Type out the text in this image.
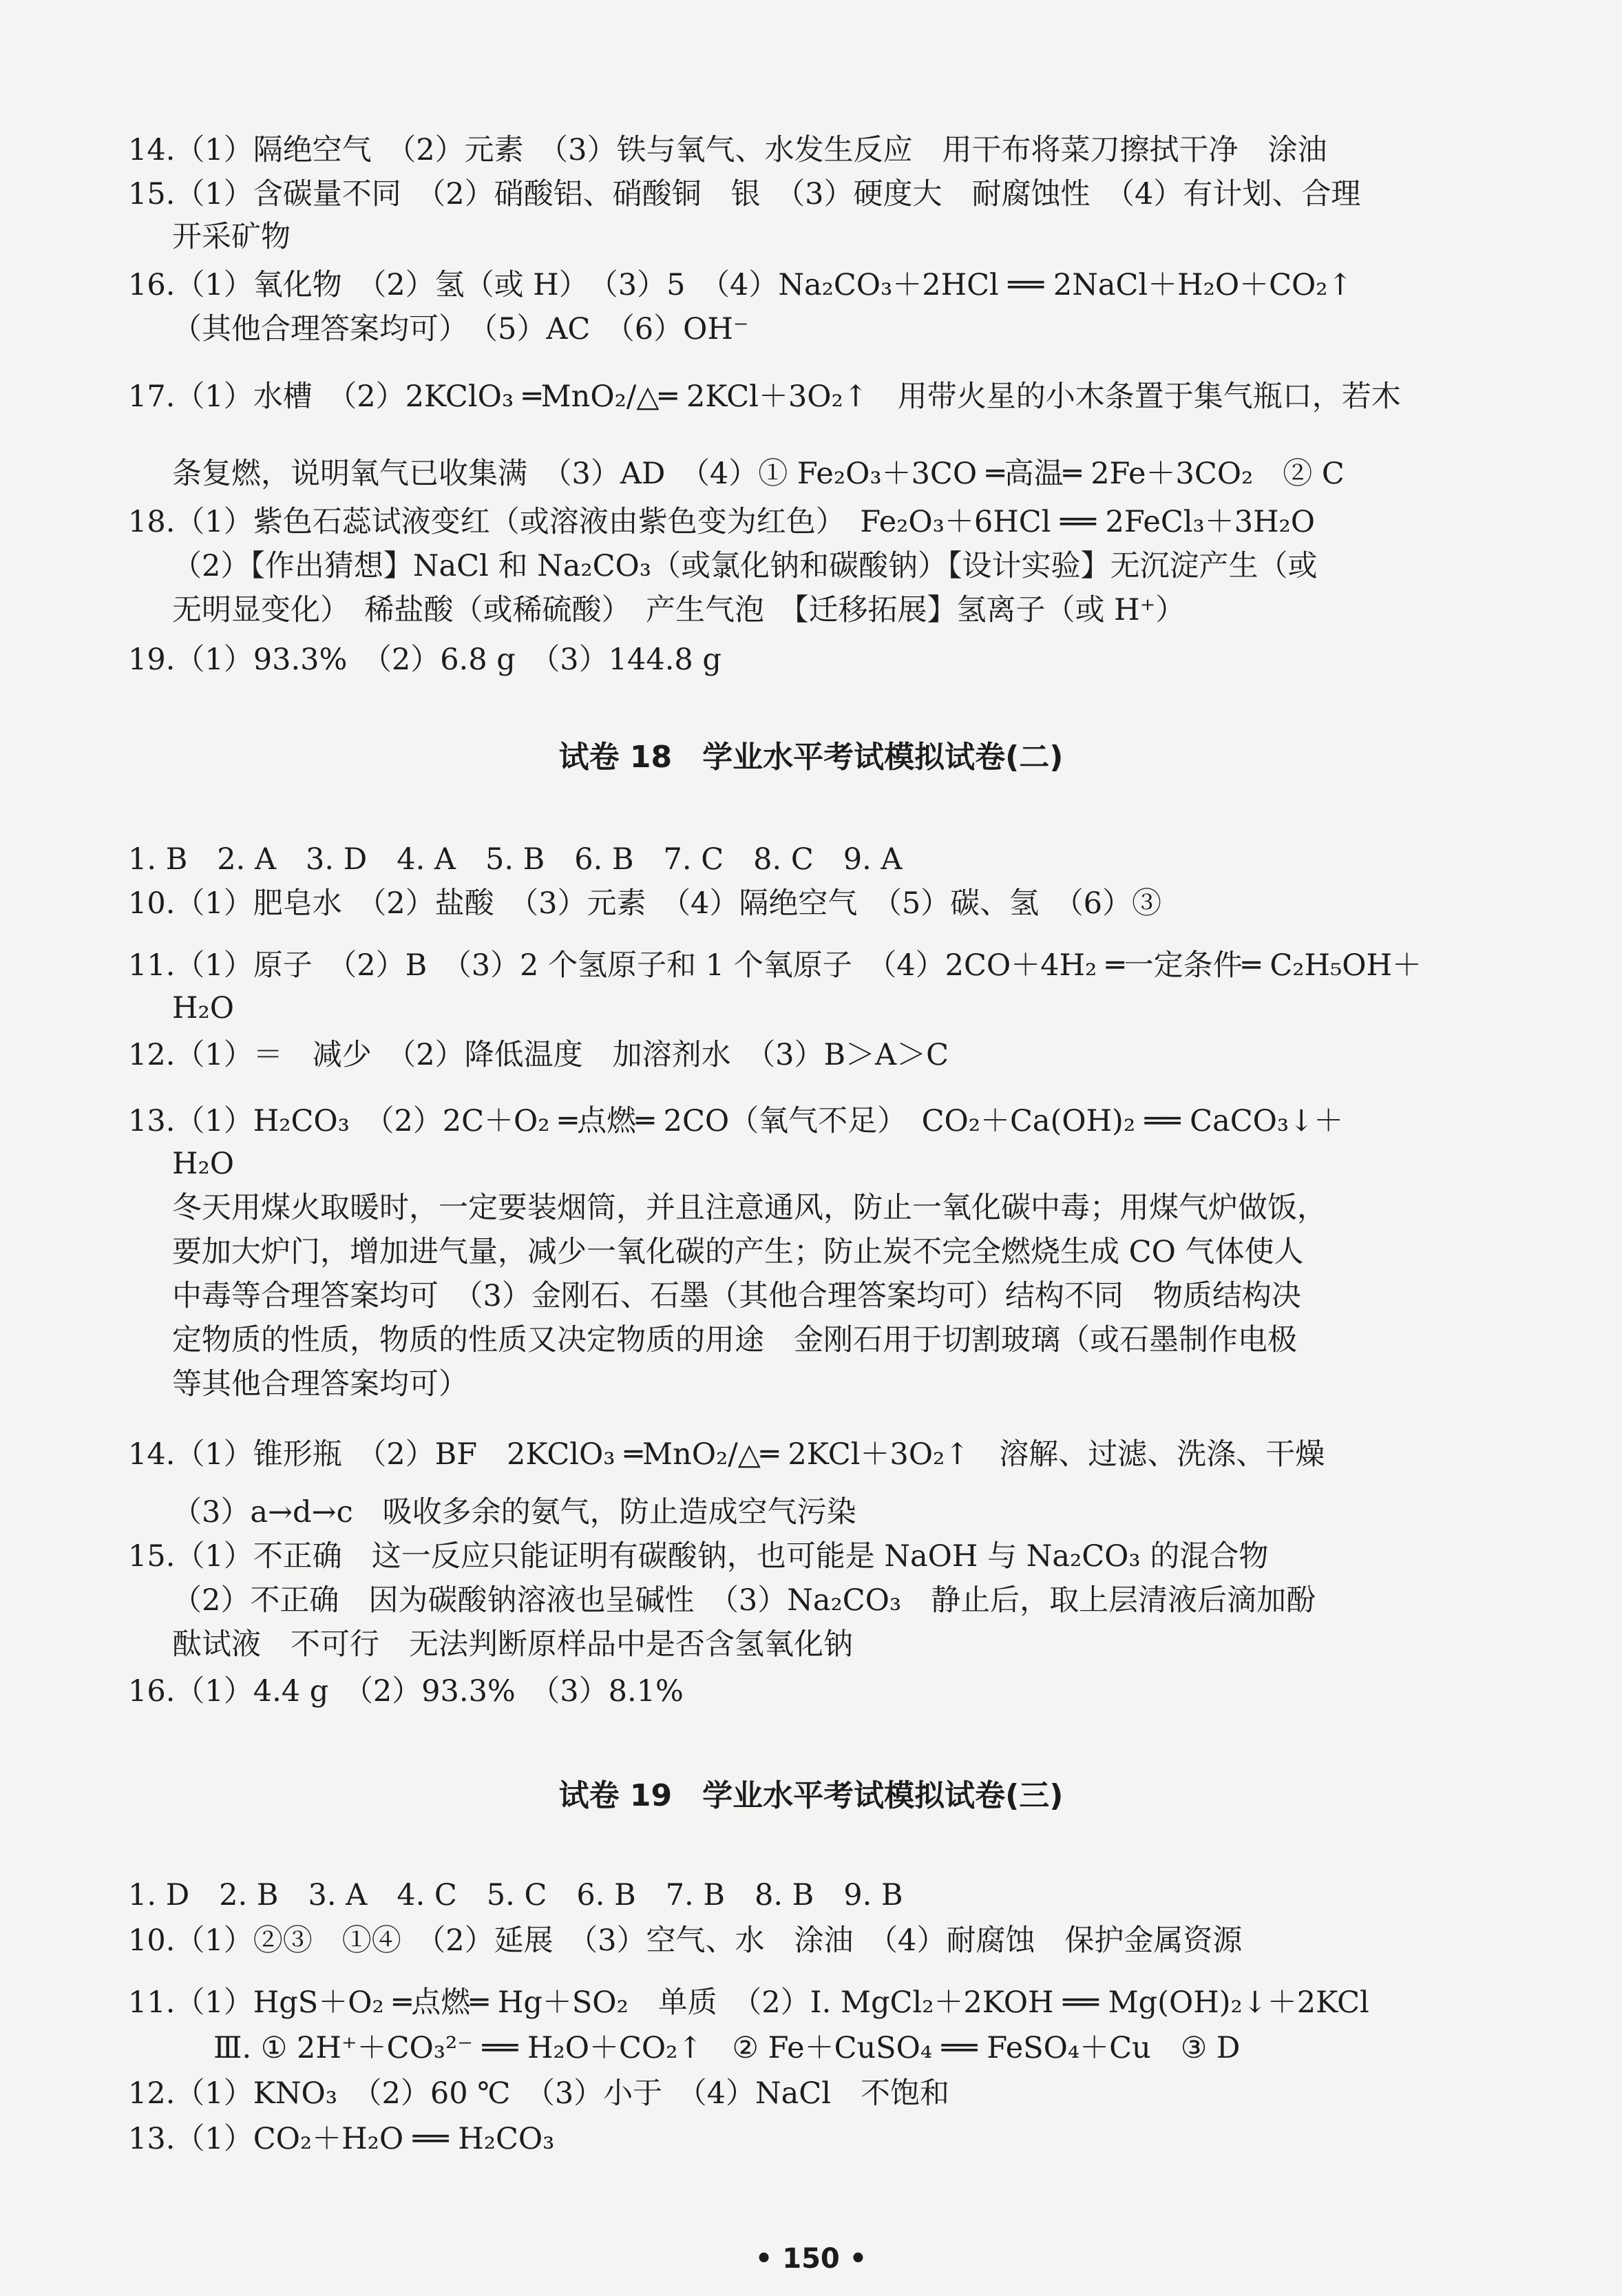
14.（1）隔绝空气　（2）元素　（3）铁与氧气、水发生反应　用干布将菜刀擦拭干净　涂油
15.（1）含碳量不同　（2）硝酸铝、硝酸铜　银　（3）硬度大　耐腐蚀性　（4）有计划、合理
开采矿物
16.（1）氧化物　（2）氢（或 H）　（3）5　（4）Na₂CO₃＋2HCl ══ 2NaCl＋H₂O＋CO₂↑
（其他合理答案均可）　（5）AC　（6）OH⁻
17.（1）水槽　（2）2KClO₃ ═MnO₂/△═ 2KCl＋3O₂↑　用带火星的小木条置于集气瓶口，若木
条复燃，说明氧气已收集满　（3）AD　（4）① Fe₂O₃＋3CO ═高温═ 2Fe＋3CO₂　② C
18.（1）紫色石蕊试液变红（或溶液由紫色变为红色）　Fe₂O₃＋6HCl ══ 2FeCl₃＋3H₂O
（2）【作出猜想】NaCl 和 Na₂CO₃（或氯化钠和碳酸钠）【设计实验】无沉淀产生（或
无明显变化）　稀盐酸（或稀硫酸）　产生气泡　【迁移拓展】氢离子（或 H⁺）
19.（1）93.3%　（2）6.8 g　（3）144.8 g
试卷 18　学业水平考试模拟试卷(二)
1. B　2. A　3. D　4. A　5. B　6. B　7. C　8. C　9. A
10.（1）肥皂水　（2）盐酸　（3）元素　（4）隔绝空气　（5）碳、氢　（6）③
11.（1）原子　（2）B　（3）2 个氢原子和 1 个氧原子　（4）2CO＋4H₂ ═一定条件═ C₂H₅OH＋
H₂O
12.（1）＝　减少　（2）降低温度　加溶剂水　（3）B＞A＞C
13.（1）H₂CO₃　（2）2C＋O₂ ═点燃═ 2CO（氧气不足）　CO₂＋Ca(OH)₂ ══ CaCO₃↓＋
H₂O
冬天用煤火取暖时，一定要装烟筒，并且注意通风，防止一氧化碳中毒；用煤气炉做饭，
要加大炉门，增加进气量，减少一氧化碳的产生；防止炭不完全燃烧生成 CO 气体使人
中毒等合理答案均可　（3）金刚石、石墨（其他合理答案均可）结构不同　物质结构决
定物质的性质，物质的性质又决定物质的用途　金刚石用于切割玻璃（或石墨制作电极
等其他合理答案均可）
14.（1）锥形瓶　（2）BF　2KClO₃ ═MnO₂/△═ 2KCl＋3O₂↑　溶解、过滤、洗涤、干燥
（3）a→d→c　吸收多余的氨气，防止造成空气污染
15.（1）不正确　这一反应只能证明有碳酸钠，也可能是 NaOH 与 Na₂CO₃ 的混合物
（2）不正确　因为碳酸钠溶液也呈碱性　（3）Na₂CO₃　静止后，取上层清液后滴加酚
酞试液　不可行　无法判断原样品中是否含氢氧化钠
16.（1）4.4 g　（2）93.3%　（3）8.1%
试卷 19　学业水平考试模拟试卷(三)
1. D　2. B　3. A　4. C　5. C　6. B　7. B　8. B　9. B
10.（1）②③　①④　（2）延展　（3）空气、水　涂油　（4）耐腐蚀　保护金属资源
11.（1）HgS＋O₂ ═点燃═ Hg＋SO₂　单质　（2）Ⅰ. MgCl₂＋2KOH ══ Mg(OH)₂↓＋2KCl
Ⅲ. ① 2H⁺＋CO₃²⁻ ══ H₂O＋CO₂↑　② Fe＋CuSO₄ ══ FeSO₄＋Cu　③ D
12.（1）KNO₃　（2）60 ℃　（3）小于　（4）NaCl　不饱和
13.（1）CO₂＋H₂O ══ H₂CO₃
• 150 •
